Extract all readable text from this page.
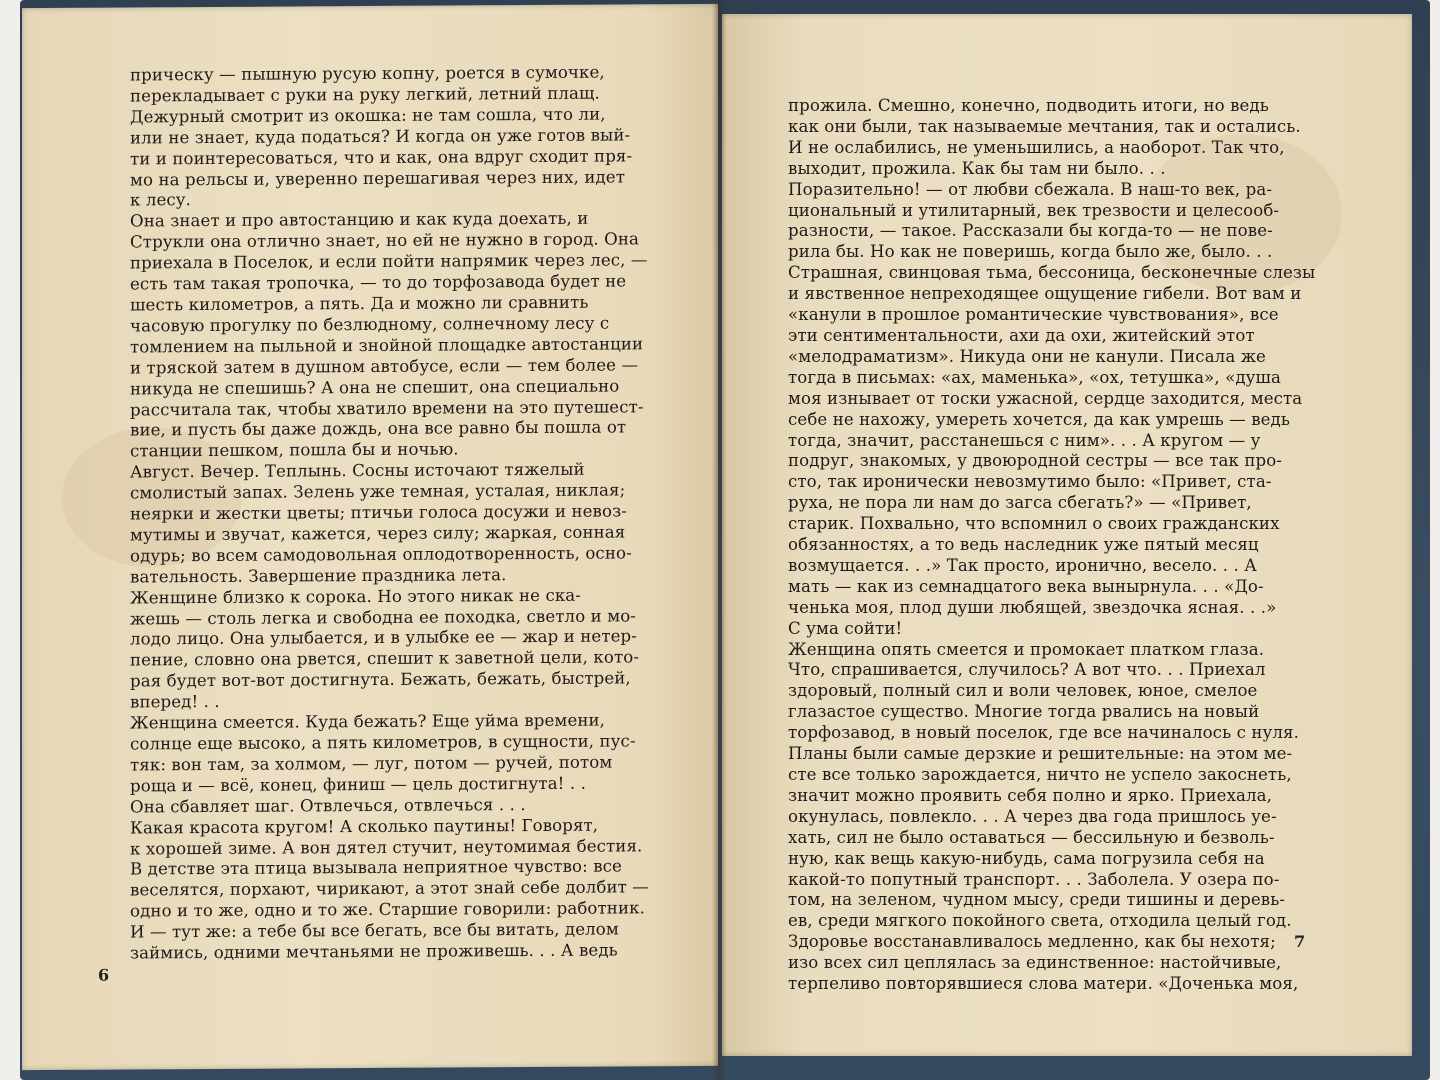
прическу — пышную русую копну, роется в сумочке,
перекладывает с руки на руку легкий, летний плащ.
Дежурный смотрит из окошка: не там сошла, что ли,
или не знает, куда податься? И когда он уже готов вый-
ти и поинтересоваться, что и как, она вдруг сходит пря-
мо на рельсы и, уверенно перешагивая через них, идет
к лесу.
Она знает и про автостанцию и как куда доехать, и
Струкли она отлично знает, но ей не нужно в город. Она
приехала в Поселок, и если пойти напрямик через лес, —
есть там такая тропочка, — то до торфозавода будет не
шесть километров, а пять. Да и можно ли сравнить
часовую прогулку по безлюдному, солнечному лесу с
томлением на пыльной и знойной площадке автостанции
и тряской затем в душном автобусе, если — тем более —
никуда не спешишь? А она не спешит, она специально
рассчитала так, чтобы хватило времени на это путешест-
вие, и пусть бы даже дождь, она все равно бы пошла от
станции пешком, пошла бы и ночью.
Август. Вечер. Теплынь. Сосны источают тяжелый
смолистый запах. Зелень уже темная, усталая, никлая;
неярки и жестки цветы; птичьи голоса досужи и невоз-
мутимы и звучат, кажется, через силу; жаркая, сонная
одурь; во всем самодовольная оплодотворенность, осно-
вательность. Завершение праздника лета.
Женщине близко к сорока. Но этого никак не ска-
жешь — столь легка и свободна ее походка, светло и мо-
лодо лицо. Она улыбается, и в улыбке ее — жар и нетер-
пение, словно она рвется, спешит к заветной цели, кото-
рая будет вот-вот достигнута. Бежать, бежать, быстрей,
вперед! . .
Женщина смеется. Куда бежать? Еще уйма времени,
солнце еще высоко, а пять километров, в сущности, пус-
тяк: вон там, за холмом, — луг, потом — ручей, потом
роща и — всё, конец, финиш — цель достигнута! . .
Она сбавляет шаг. Отвлечься, отвлечься . . .
Какая красота кругом! А сколько паутины! Говорят,
к хорошей зиме. А вон дятел стучит, неутомимая бестия.
В детстве эта птица вызывала неприятное чувство: все
веселятся, порхают, чирикают, а этот знай себе долбит —
одно и то же, одно и то же. Старшие говорили: работник.
И — тут же: а тебе бы все бегать, все бы витать, делом
займись, одними мечтаньями не проживешь. . . А ведь
6
прожила. Смешно, конечно, подводить итоги, но ведь
как они были, так называемые мечтания, так и остались.
И не ослабились, не уменьшились, а наоборот. Так что,
выходит, прожила. Как бы там ни было. . .
Поразительно! — от любви сбежала. В наш-то век, ра-
циональный и утилитарный, век трезвости и целесооб-
разности, — такое. Рассказали бы когда-то — не пове-
рила бы. Но как не поверишь, когда было же, было. . .
Страшная, свинцовая тьма, бессоница, бесконечные слезы
и явственное непреходящее ощущение гибели. Вот вам и
«канули в прошлое романтические чувствования», все
эти сентиментальности, ахи да охи, житейский этот
«мелодраматизм». Никуда они не канули. Писала же
тогда в письмах: «ах, маменька», «ох, тетушка», «душа
моя изнывает от тоски ужасной, сердце заходится, места
себе не нахожу, умереть хочется, да как умрешь — ведь
тогда, значит, расстанешься с ним». . . А кругом — у
подруг, знакомых, у двоюродной сестры — все так про-
сто, так иронически невозмутимо было: «Привет, ста-
руха, не пора ли нам до загса сбегать?» — «Привет,
старик. Похвально, что вспомнил о своих гражданских
обязанностях, а то ведь наследник уже пятый месяц
возмущается. . .» Так просто, иронично, весело. . . А
мать — как из семнадцатого века вынырнула. . . «До-
ченька моя, плод души любящей, звездочка ясная. . .»
С ума сойти!
Женщина опять смеется и промокает платком глаза.
Что, спрашивается, случилось? А вот что. . . Приехал
здоровый, полный сил и воли человек, юное, смелое
глазастое существо. Многие тогда рвались на новый
торфозавод, в новый поселок, где все начиналось с нуля.
Планы были самые дерзкие и решительные: на этом ме-
сте все только зарождается, ничто не успело закоснеть,
значит можно проявить себя полно и ярко. Приехала,
окунулась, повлекло. . . А через два года пришлось уе-
хать, сил не было оставаться — бессильную и безволь-
ную, как вещь какую-нибудь, сама погрузила себя на
какой-то попутный транспорт. . . Заболела. У озера по-
том, на зеленом, чудном мысу, среди тишины и деревь-
ев, среди мягкого покойного света, отходила целый год.
Здоровье восстанавливалось медленно, как бы нехотя;
изо всех сил цеплялась за единственное: настойчивые,
терпеливо повторявшиеся слова матери. «Доченька моя,
7
